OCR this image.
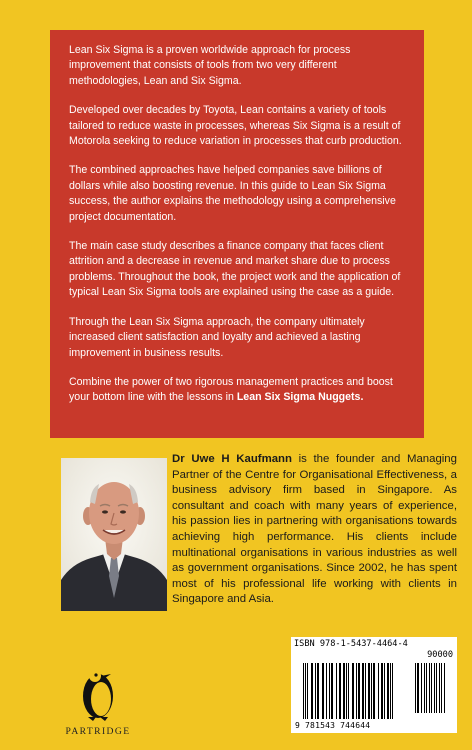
Lean Six Sigma is a proven worldwide approach for process improvement that consists of tools from two very different methodologies, Lean and Six Sigma.

Developed over decades by Toyota, Lean contains a variety of tools tailored to reduce waste in processes, whereas Six Sigma is a result of Motorola seeking to reduce variation in processes that curb production.

The combined approaches have helped companies save billions of dollars while also boosting revenue. In this guide to Lean Six Sigma success, the author explains the methodology using a comprehensive project documentation.

The main case study describes a finance company that faces client attrition and a decrease in revenue and market share due to process problems. Throughout the book, the project work and the application of typical Lean Six Sigma tools are explained using the case as a guide.

Through the Lean Six Sigma approach, the company ultimately increased client satisfaction and loyalty and achieved a lasting improvement in business results.

Combine the power of two rigorous management practices and boost your bottom line with the lessons in Lean Six Sigma Nuggets.

Dr Uwe H Kaufmann is the founder and Managing Partner of the Centre for Organisational Effectiveness, a business advisory firm based in Singapore. As consultant and coach with many years of experience, his passion lies in partnering with organisations towards achieving high performance. His clients include multinational organisations in various industries as well as government organisations. Since 2002, he has spent most of his professional life working with clients in Singapore and Asia.
PARTRIDGE
ISBN 978-1-5437-4464-4
90000
9 781543 744644
